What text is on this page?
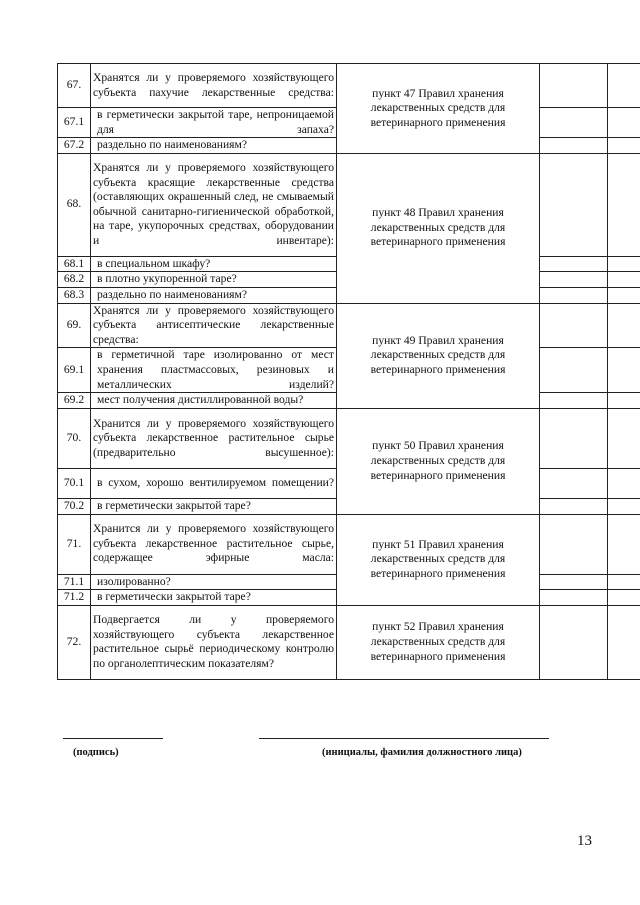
67.	Хранятся ли у проверяемого хозяйствующего субъекта пахучие лекарственные средства:	пункт 47 Правил хранения лекарственных средств для ветеринарного применения		
67.1	в герметически закрытой таре, непроницаемой для запаха?			
67.2	раздельно по наименованиям?			
68.	Хранятся ли у проверяемого хозяйствующего субъекта красящие лекарственные средства (оставляющих окрашенный след, не смываемый обычной санитарно-гигиенической обработкой, на таре, укупорочных средствах, оборудовании и инвентаре):	пункт 48 Правил хранения лекарственных средств для ветеринарного применения		
68.1	в специальном шкафу?			
68.2	в плотно укупоренной таре?			
68.3	раздельно по наименованиям?			
69.	Хранятся ли у проверяемого хозяйствующего субъекта антисептические лекарственные средства:	пункт 49 Правил хранения лекарственных средств для ветеринарного применения		
69.1	в герметичной таре изолированно от мест хранения пластмассовых, резиновых и металлических изделий?			
69.2	мест получения дистиллированной воды?			
70.	Хранится ли у проверяемого хозяйствующего субъекта лекарственное растительное сырье (предварительно высушенное):	пункт 50 Правил хранения лекарственных средств для ветеринарного применения		
70.1	в сухом, хорошо вентилируемом помещении?			
70.2	в герметически закрытой таре?			
71.	Хранится ли у проверяемого хозяйствующего субъекта лекарственное растительное сырье, содержащее эфирные масла:	пункт 51 Правил хранения лекарственных средств для ветеринарного применения		
71.1	изолированно?			
71.2	в герметически закрытой таре?			
72.	Подвергается ли у проверяемого хозяйствующего субъекта лекарственное растительное сырьё периодическому контролю по органолептическим показателям?	пункт 52 Правил хранения лекарственных средств для ветеринарного применения		
(подпись)	(инициалы, фамилия должностного лица)
13
